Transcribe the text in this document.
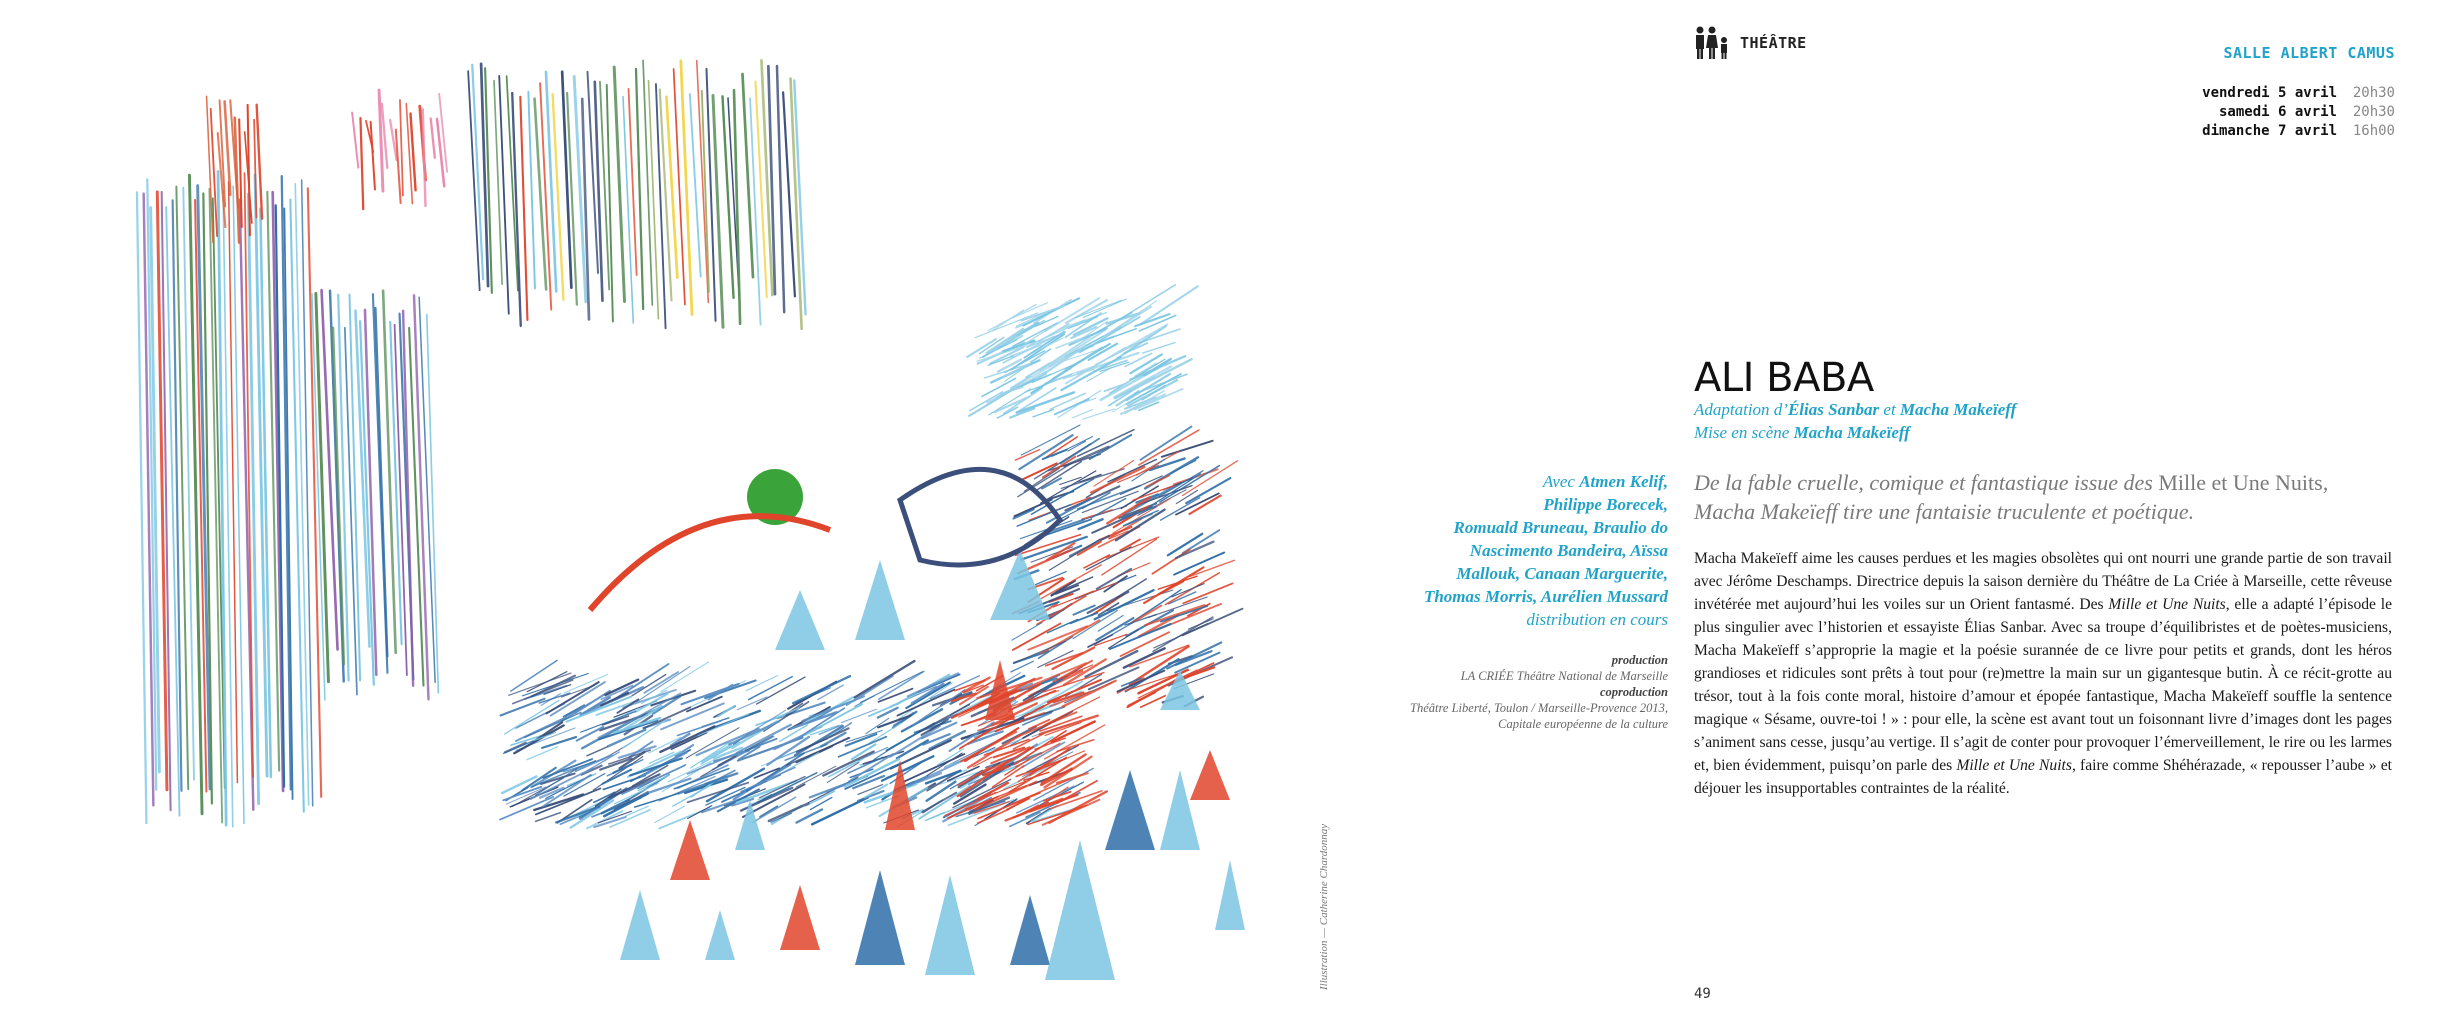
Illustration — Catherine Chardonnay
THÉÂTRE
SALLE ALBERT CAMUS
vendredi 5 avril 20h30
samedi 6 avril 20h30
dimanche 7 avril 16h00
ALI BABA
Adaptation d’Élias Sanbar et Macha Makeïeff
Mise en scène Macha Makeïeff
Avec Atmen Kelif,
Philippe Borecek,
Romuald Bruneau, Braulio do
Nascimento Bandeira, Aïssa
Mallouk, Canaan Marguerite,
Thomas Morris, Aurélien Mussard
distribution en cours
production
LA CRIÉE Théâtre National de Marseille
coproduction
Théâtre Liberté, Toulon / Marseille-Provence 2013,
Capitale européenne de la culture
De la fable cruelle, comique et fantastique issue des Mille et Une Nuits, Macha Makeïeff tire une fantaisie truculente et poétique.
Macha Makeïeff aime les causes perdues et les magies obsolètes qui ont nourri une grande partie de son travail avec Jérôme Deschamps. Directrice depuis la saison dernière du Théâtre de La Criée à Marseille, cette rêveuse invétérée met aujourd’hui les voiles sur un Orient fantasmé. Des Mille et Une Nuits, elle a adapté l’épisode le plus singulier avec l’historien et essayiste Élias Sanbar. Avec sa troupe d’équilibristes et de poètes-musiciens, Macha Makeïeff s’approprie la magie et la poésie surannée de ce livre pour petits et grands, dont les héros grandioses et ridicules sont prêts à tout pour (re)mettre la main sur un gigantesque butin. À ce récit-grotte au trésor, tout à la fois conte moral, histoire d’amour et épopée fantastique, Macha Makeïeff souffle la sentence magique « Sésame, ouvre-toi ! » : pour elle, la scène est avant tout un foisonnant livre d’images dont les pages s’animent sans cesse, jusqu’au vertige. Il s’agit de conter pour provoquer l’émerveillement, le rire ou les larmes et, bien évidemment, puisqu’on parle des Mille et Une Nuits, faire comme Shéhérazade, « repousser l’aube » et déjouer les insupportables contraintes de la réalité.
49
